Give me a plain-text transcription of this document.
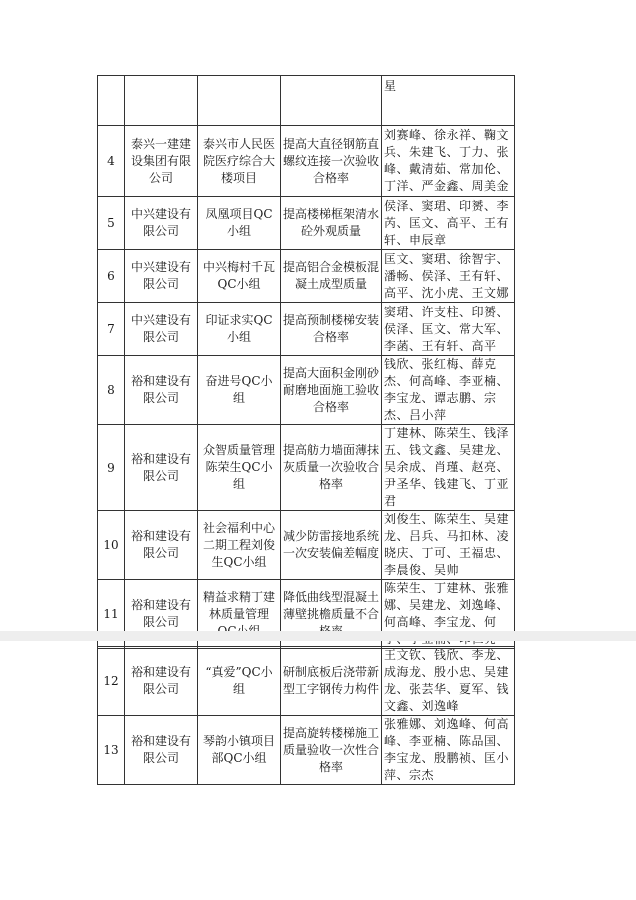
				星
4	泰兴一建建设集团有限公司	泰兴市人民医院医疗综合大楼项目	提高大直径钢筋直螺纹连接一次验收合格率	刘赛峰、徐永祥、鞠文兵、朱建飞、丁力、张峰、戴清茹、常加伦、丁洋、严金鑫、周美金
5	中兴建设有限公司	凤凰项目QC小组	提高楼梯框架清水砼外观质量	侯泽、窦珺、印赟、李芮、匡文、高平、王有轩、申辰章
6	中兴建设有限公司	中兴梅村千瓦QC小组	提高铝合金模板混凝土成型质量	匡文、窦珺、徐智宇、潘畅、侯泽、王有轩、高平、沈小虎、王文娜
7	中兴建设有限公司	印证求实QC小组	提高预制楼梯安装合格率	窦珺、许支柱、印赟、侯泽、匡文、常大军、李菡、王有轩、高平
8	裕和建设有限公司	奋进号QC小组	提高大面积金刚砂耐磨地面施工验收合格率	钱欣、张红梅、薛克杰、何高峰、李亚楠、李宝龙、谭志鹏、宗杰、吕小萍
9	裕和建设有限公司	众智质量管理陈荣生QC小组	提高舫力墙面薄抹灰质量一次验收合格率	丁建林、陈荣生、钱泽五、钱文鑫、吴建龙、吴余成、肖瑾、赵亮、尹圣华、钱建飞、丁亚君
10	裕和建设有限公司	社会福利中心二期工程刘俊生QC小组	减少防雷接地系统一次安装偏差幅度	刘俊生、陈荣生、吴建龙、吕兵、马扣林、凌晓庆、丁可、王福忠、李晨俊、吴帅
11	裕和建设有限公司	精益求精丁建林质量管理	降低曲线型混凝土薄壁挑檐质量不合	陈荣生、丁建林、张雅娜、吴建龙、刘逸峰、何高峰、李宝龙、何
12	裕和建设有限公司	“真爱”QC小组	研制底板后浇带新型工字钢传力构件	王文钦、钱欣、李龙、成海龙、殷小忠、吴建龙、张芸华、夏军、钱文鑫、刘逸峰
13	裕和建设有限公司	琴韵小镇项目部QC小组	提高旋转楼梯施工质量验收一次性合格率	张雅娜、刘逸峰、何高峰、李亚楠、陈品国、李宝龙、殷鹏祯、匡小萍、宗杰
